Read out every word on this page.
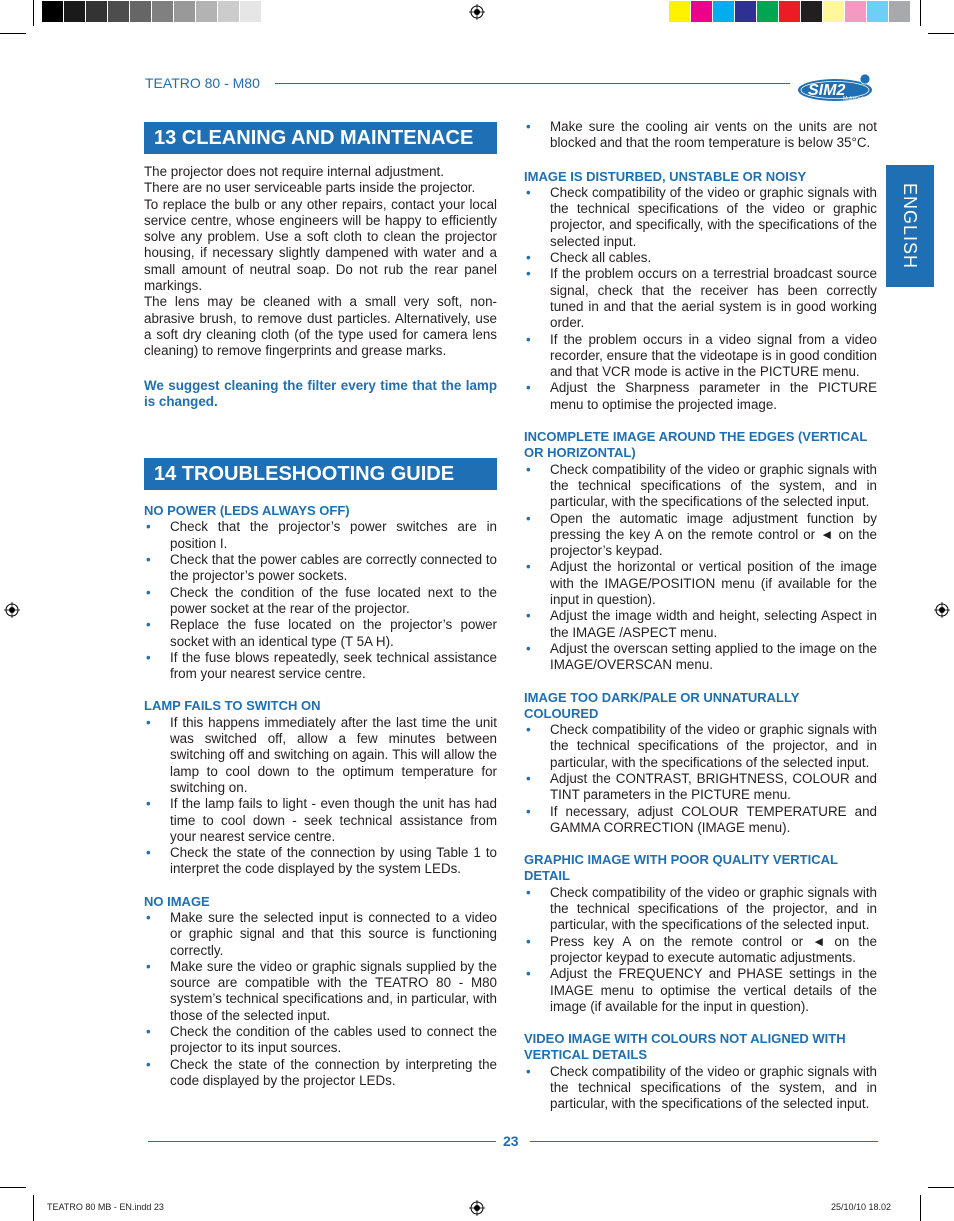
TEATRO 80 - M80	SIM2
Multimedia
ENGLISH
13 CLEANING AND MAINTENACE

The projector does not require internal adjustment.

There are no user serviceable parts inside the projector.

To replace the bulb or any other repairs, contact your local service centre, whose engineers will be happy to efficiently solve any problem. Use a soft cloth to clean the projector housing, if necessary slightly dampened with water and a small amount of neutral soap. Do not rub the rear panel markings.

The lens may be cleaned with a small very soft, non-abrasive brush, to remove dust particles. Alternatively, use a soft dry cleaning cloth (of the type used for camera lens cleaning) to remove fingerprints and grease marks.

We suggest cleaning the filter every time that the lamp is changed.

14 TROUBLESHOOTING GUIDE

NO POWER (LEDS ALWAYS OFF)

• Check that the projector’s power switches are in position I.
• Check that the power cables are correctly connected to the projector’s power sockets.
• Check the condition of the fuse located next to the power socket at the rear of the projector.
• Replace the fuse located on the projector’s power socket with an identical type (T 5A H).
• If the fuse blows repeatedly, seek technical assistance from your nearest service centre.

LAMP FAILS TO SWITCH ON

• If this happens immediately after the last time the unit was switched off, allow a few minutes between switching off and switching on again. This will allow the lamp to cool down to the optimum temperature for switching on.
• If the lamp fails to light - even though the unit has had time to cool down - seek technical assistance from your nearest service centre.
• Check the state of the connection by using Table 1 to interpret the code displayed by the system LEDs.

NO IMAGE

• Make sure the selected input is connected to a video or graphic signal and that this source is functioning correctly.
• Make sure the video or graphic signals supplied by the source are compatible with the TEATRO 80 - M80 system’s technical specifications and, in particular, with those of the selected input.
• Check the condition of the cables used to connect the projector to its input sources.
• Check the state of the connection by interpreting the code displayed by the projector LEDs.
• Make sure the cooling air vents on the units are not blocked and that the room temperature is below 35°C.

IMAGE IS DISTURBED, UNSTABLE OR NOISY

• Check compatibility of the video or graphic signals with the technical specifications of the video or graphic projector, and specifically, with the specifications of the selected input.
• Check all cables.
• If the problem occurs on a terrestrial broadcast source signal, check that the receiver has been correctly tuned in and that the aerial system is in good working order.
• If the problem occurs in a video signal from a video recorder, ensure that the videotape is in good condition and that VCR mode is active in the PICTURE menu.
• Adjust the Sharpness parameter in the PICTURE menu to optimise the projected image.

INCOMPLETE IMAGE AROUND THE EDGES (VERTICAL OR HORIZONTAL)

• Check compatibility of the video or graphic signals with the technical specifications of the system, and in particular, with the specifications of the selected input.
• Open the automatic image adjustment function by pressing the key A on the remote control or ◄ on the projector’s keypad.
• Adjust the horizontal or vertical position of the image with the IMAGE/POSITION menu (if available for the input in question).
• Adjust the image width and height, selecting Aspect in the IMAGE /ASPECT menu.
• Adjust the overscan setting applied to the image on the IMAGE/OVERSCAN menu.

IMAGE TOO DARK/PALE OR UNNATURALLY COLOURED

• Check compatibility of the video or graphic signals with the technical specifications of the projector, and in particular, with the specifications of the selected input.
• Adjust the CONTRAST, BRIGHTNESS, COLOUR and TINT parameters in the PICTURE menu.
• If necessary, adjust COLOUR TEMPERATURE and GAMMA CORRECTION (IMAGE menu).

GRAPHIC IMAGE WITH POOR QUALITY VERTICAL DETAIL

• Check compatibility of the video or graphic signals with the technical specifications of the projector, and in particular, with the specifications of the selected input.
• Press key A on the remote control or ◄ on the projector keypad to execute automatic adjustments.
• Adjust the FREQUENCY and PHASE settings in the IMAGE menu to optimise the vertical details of the image (if available for the input in question).

VIDEO IMAGE WITH COLOURS NOT ALIGNED WITH VERTICAL DETAILS

• Check compatibility of the video or graphic signals with the technical specifications of the system, and in particular, with the specifications of the selected input.
23
TEATRO 80 MB - EN.indd 23	25/10/10 18.02
